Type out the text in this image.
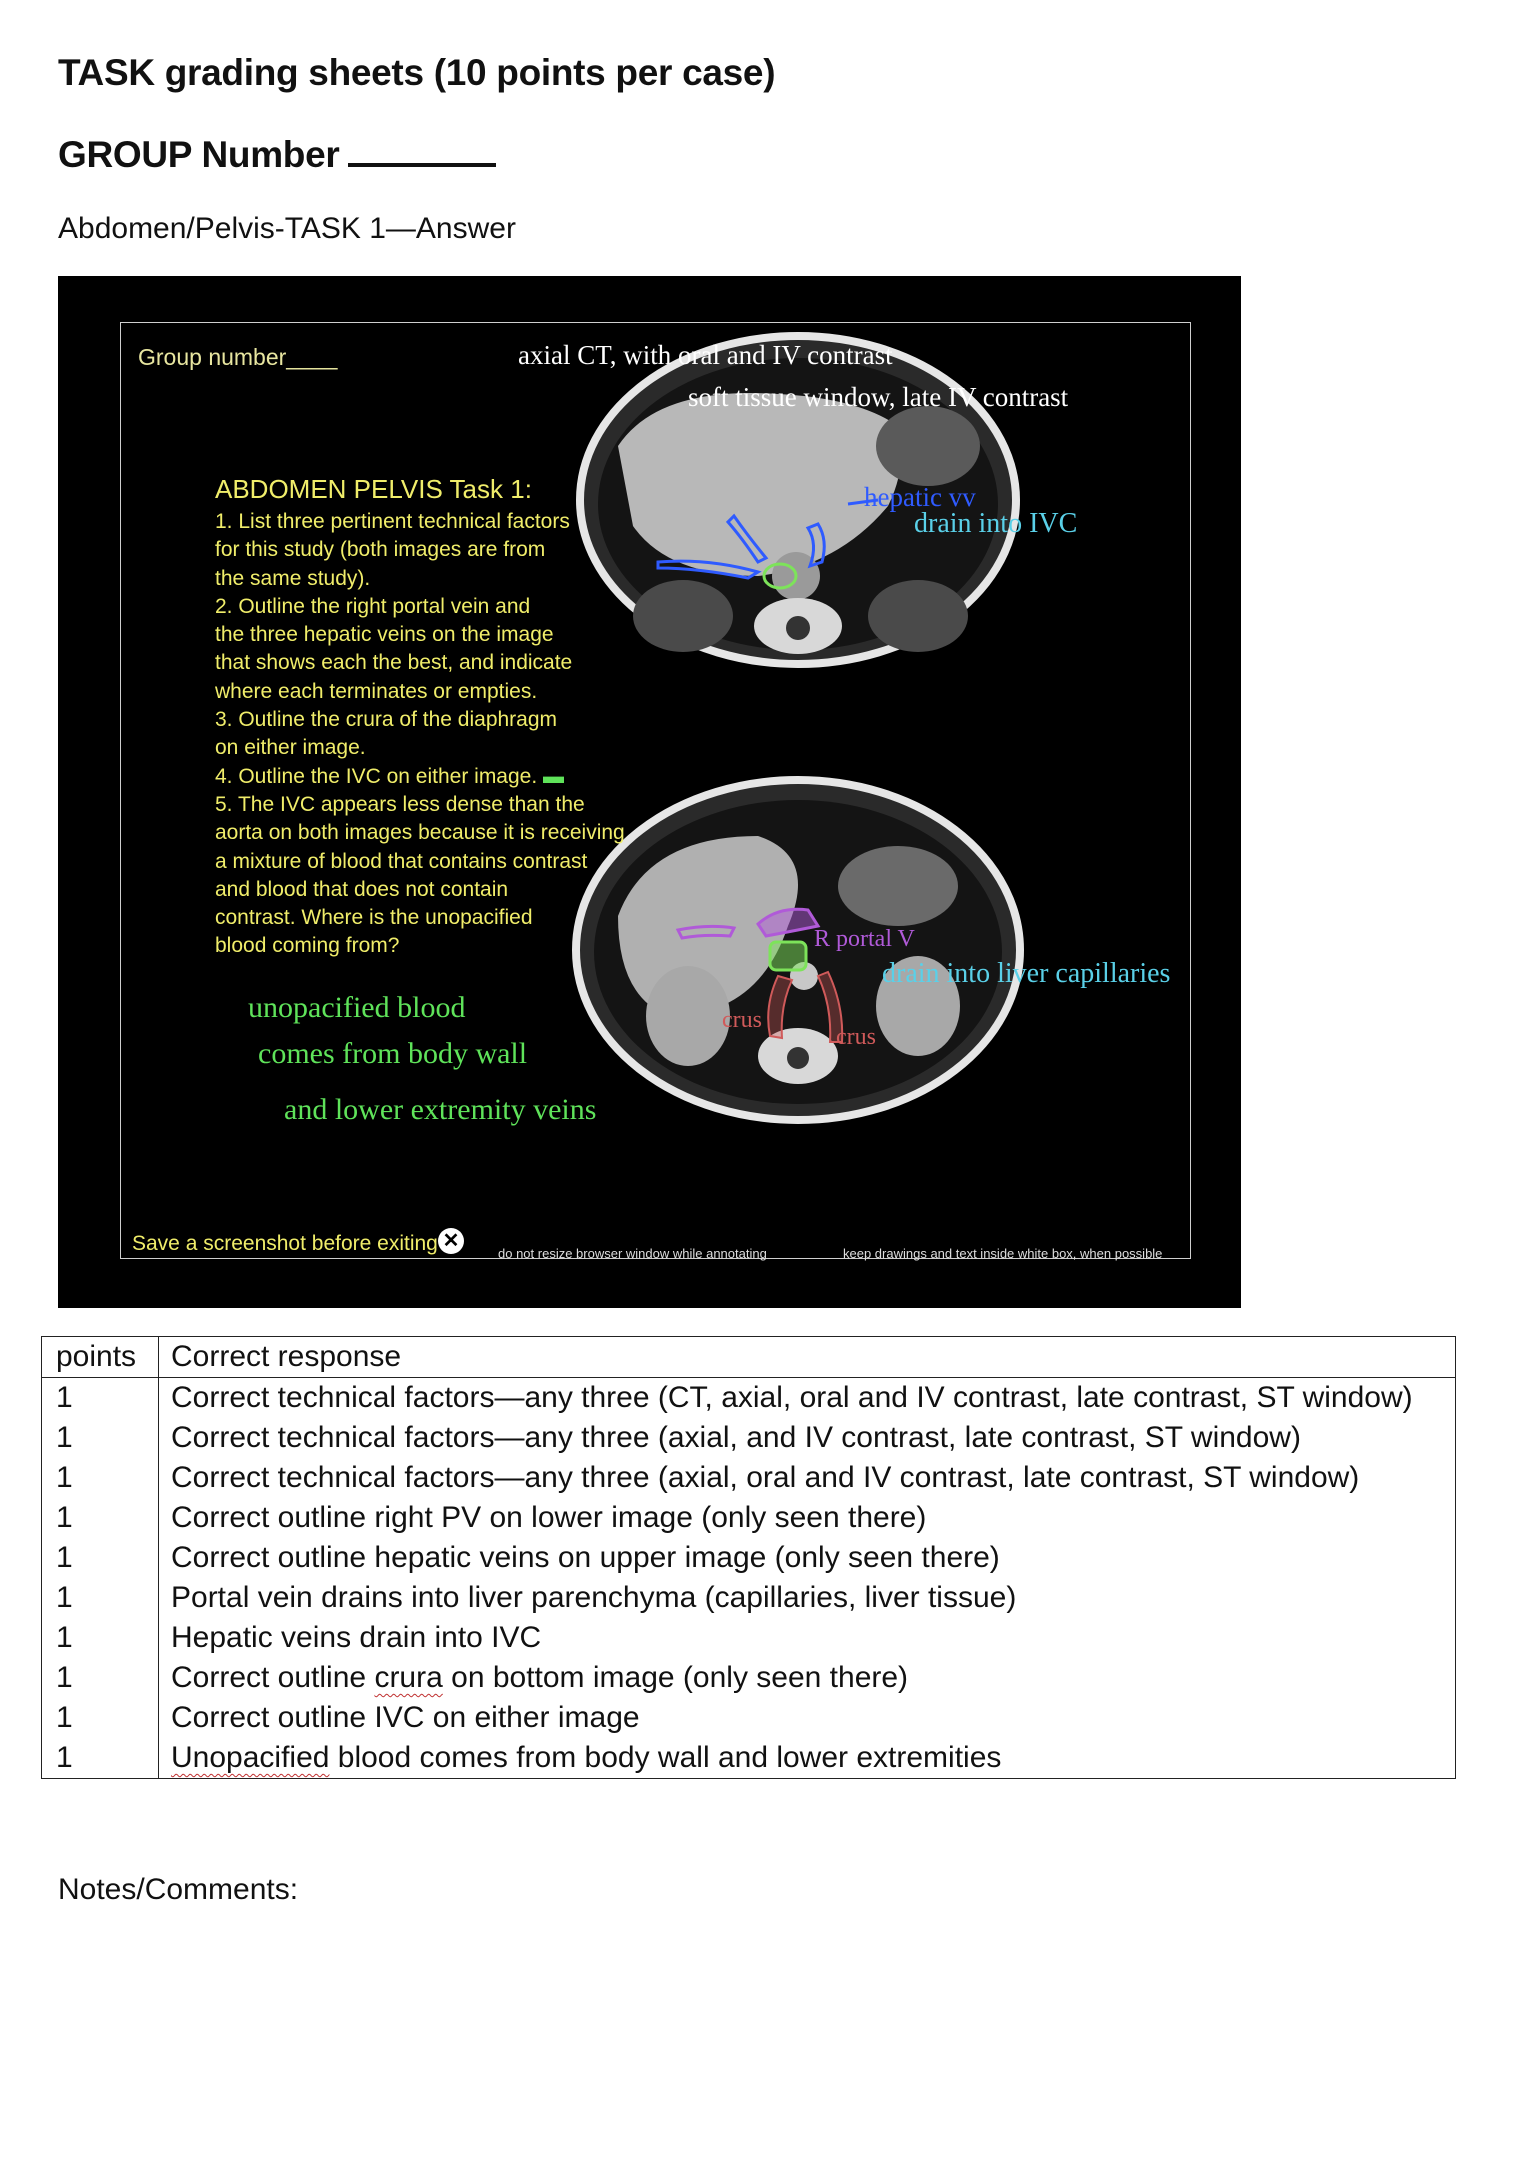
TASK grading sheets (10 points per case)
GROUP Number
Abdomen/Pelvis-TASK 1—Answer
Group number____	axial CT, with oral and IV contrast
soft tissue window, late IV contrast
ABDOMEN PELVIS Task 1:
1. List three pertinent technical factors
for this study (both images are from
the same study).
2. Outline the right portal vein and
the three hepatic veins on the image
that shows each the best, and indicate
where each terminates or empties.
3. Outline the crura of the diaphragm
on either image.
4. Outline the IVC on either image. ▬
5. The IVC appears less dense than the
aorta on both images because it is receiving
a mixture of blood that contains contrast
and blood that does not contain
contrast. Where is the unopacified
blood coming from?
unopacified blood
comes from body wall
and lower extremity veins
hepatic vv
drain into IVC
R portal V
drain into liver capillaries
crus
crus
Save a screenshot before exiting ✕
do not resize browser window while annotating	keep drawings and text inside white box, when possible
points	Correct response
1	Correct technical factors—any three (CT, axial, oral and IV contrast, late contrast, ST window)
1	Correct technical factors—any three (axial, and IV contrast, late contrast, ST window)
1	Correct technical factors—any three (axial, oral and IV contrast, late contrast, ST window)
1	Correct outline right PV on lower image (only seen there)
1	Correct outline hepatic veins on upper image (only seen there)
1	Portal vein drains into liver parenchyma (capillaries, liver tissue)
1	Hepatic veins drain into IVC
1	Correct outline crura on bottom image (only seen there)
1	Correct outline IVC on either image
1	Unopacified blood comes from body wall and lower extremities
Notes/Comments:
